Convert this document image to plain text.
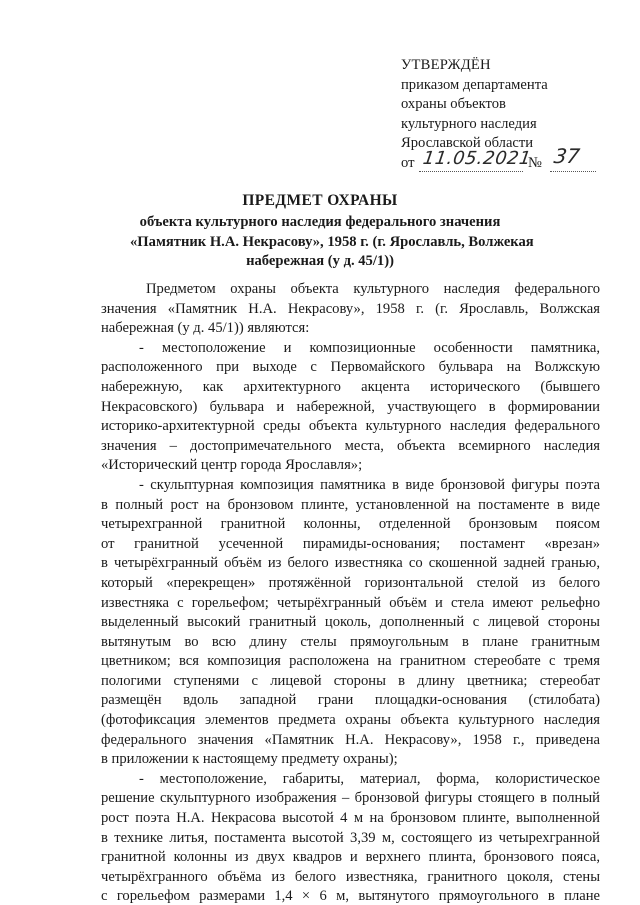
УТВЕРЖДЁН
приказом департамента
охраны объектов
культурного наследия
Ярославской области
от 11.05.2021
№ 37
ПРЕДМЕТ ОХРАНЫ
объекта культурного наследия федерального значения
«Памятник Н.А. Некрасову», 1958 г. (г. Ярославль, Волжекая
набережная (у д. 45/1))
Предметом охраны объекта культурного наследия федерального
значения «Памятник Н.А. Некрасову», 1958 г. (г. Ярославль, Волжская
набережная (у д. 45/1)) являются:
- местоположение и композиционные особенности памятника,
расположенного при выходе с Первомайского бульвара на Волжскую
набережную, как архитектурного акцента исторического (бывшего
Некрасовского) бульвара и набережной, участвующего в формировании
историко-архитектурной среды объекта культурного наследия федерального
значения – достопримечательного места, объекта всемирного наследия
«Исторический центр города Ярославля»;
- скульптурная композиция памятника в виде бронзовой фигуры поэта
в полный рост на бронзовом плинте, установленной на постаменте в виде
четырехгранной гранитной колонны, отделенной бронзовым поясом
от гранитной усеченной пирамиды-основания; постамент «врезан»
в четырёхгранный объём из белого известняка со скошенной задней гранью,
который «перекрещен» протяжённой горизонтальной стелой из белого
известняка с горельефом; четырёхгранный объём и стела имеют рельефно
выделенный высокий гранитный цоколь, дополненный с лицевой стороны
вытянутым во всю длину стелы прямоугольным в плане гранитным
цветником; вся композиция расположена на гранитном стереобате с тремя
пологими ступенями с лицевой стороны в длину цветника; стереобат
размещён вдоль западной грани площадки-основания (стилобата)
(фотофиксация элементов предмета охраны объекта культурного наследия
федерального значения «Памятник Н.А. Некрасову», 1958 г., приведена
в приложении к настоящему предмету охраны);
- местоположение, габариты, материал, форма, колористическое
решение скульптурного изображения – бронзовой фигуры стоящего в полный
рост поэта Н.А. Некрасова высотой 4 м на бронзовом плинте, выполненной
в технике литья, постамента высотой 3,39 м, состоящего из четырехгранной
гранитной колонны из двух квадров и верхнего плинта, бронзового пояса,
четырёхгранного объёма из белого известняка, гранитного цоколя, стены
с горельефом размерами 1,4 × 6 м, вытянутого прямоугольного в плане
